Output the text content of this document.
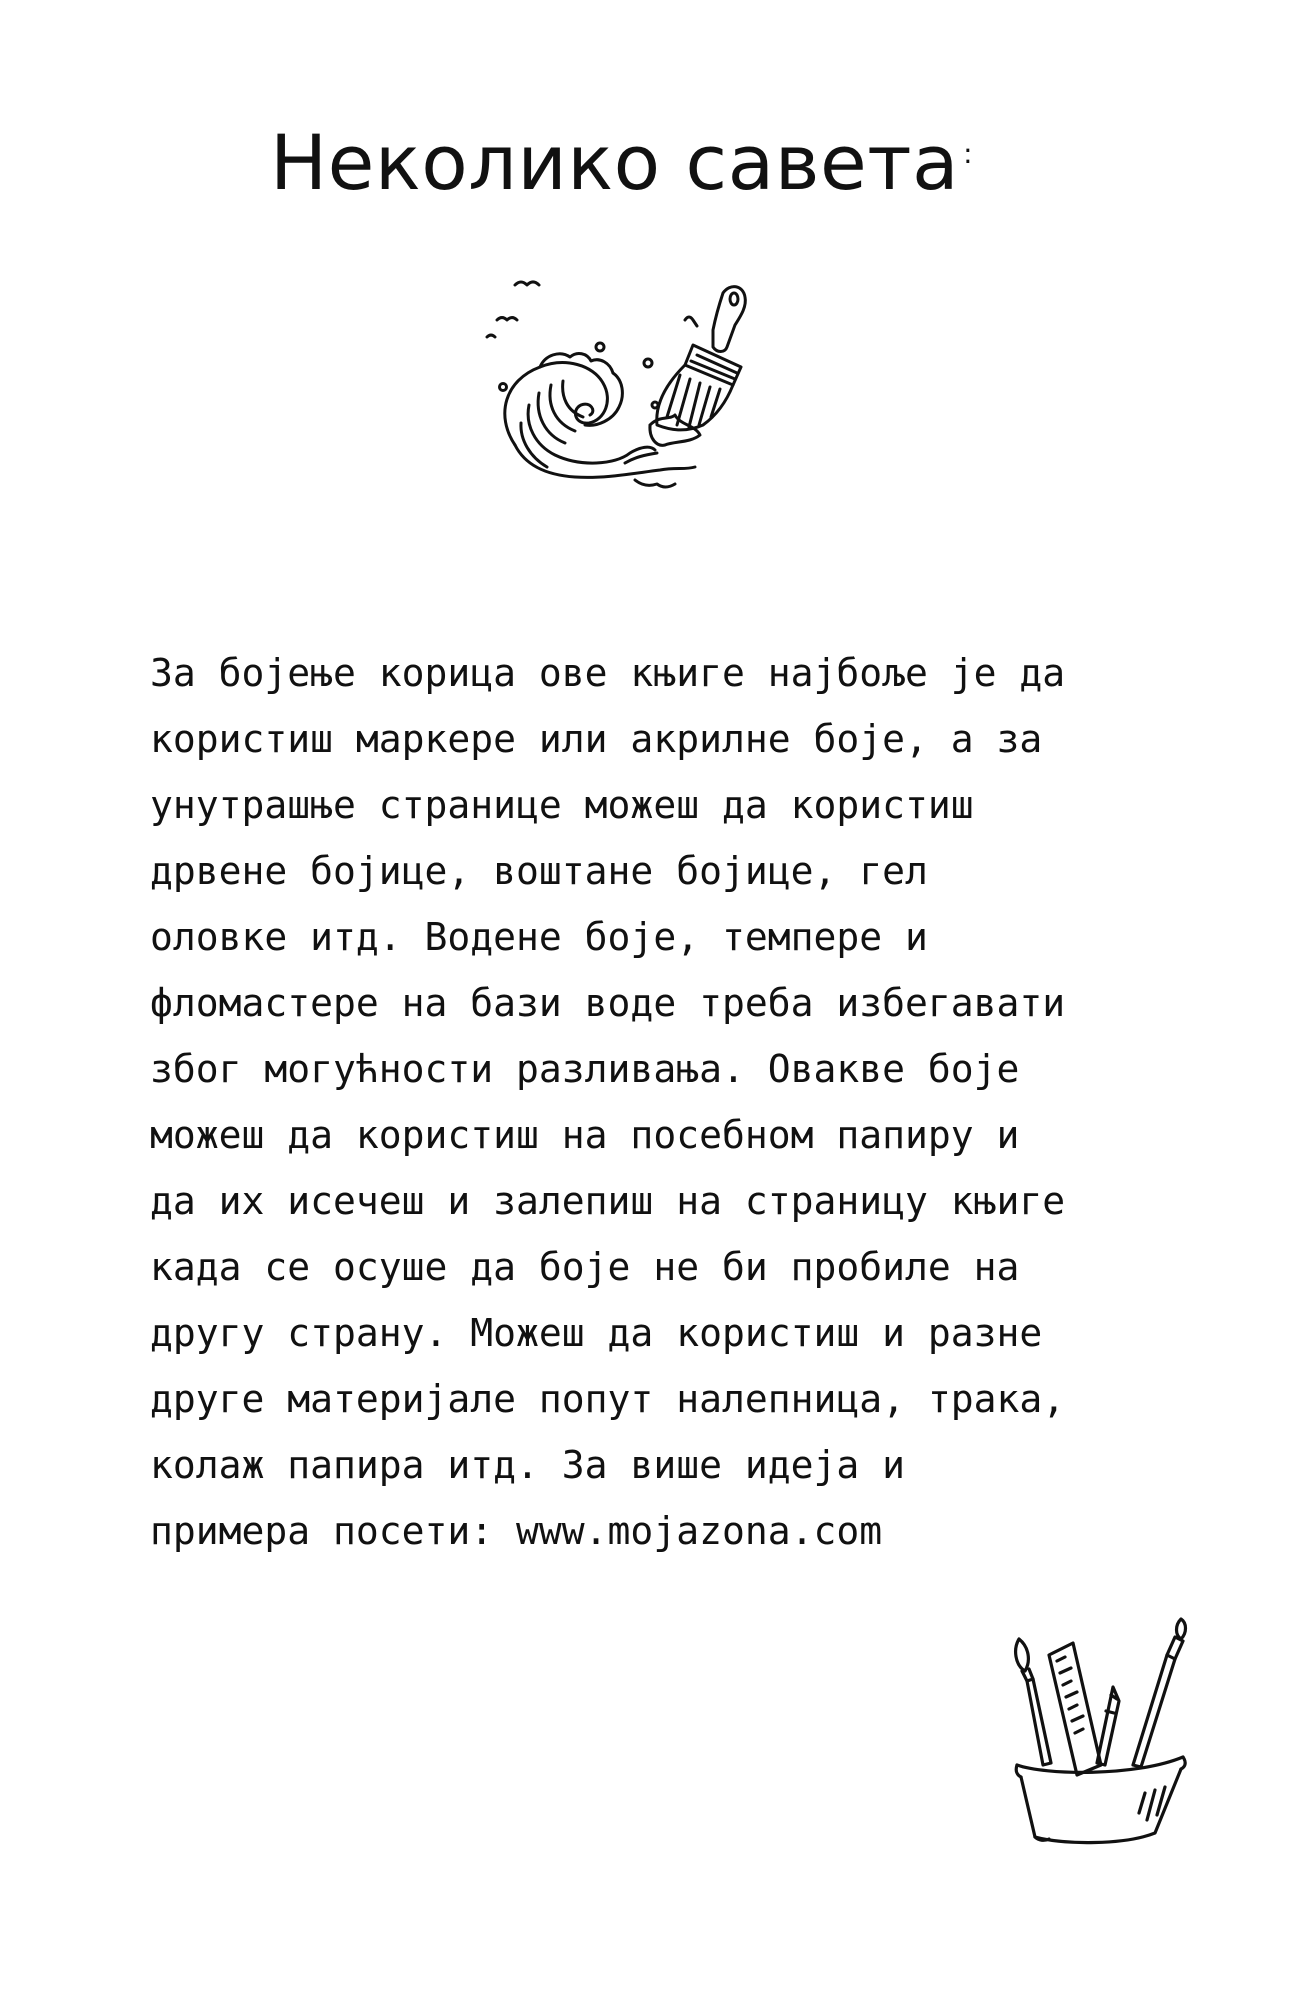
Неколико савета :
За бојење корица ове књиге најбоље је да
користиш маркере или акрилне боје, а за
унутрашње странице можеш да користиш
дрвене бојице, воштане бојице, гел
оловке итд. Водене боје, темпере и
фломастере на бази воде треба избегавати
због могућности разливања. Овакве боје
можеш да користиш на посебном папиру и
да их исечеш и залепиш на страницу књиге
када се осуше да боје не би пробиле на
другу страну. Можеш да користиш и разне
друге материјале попут налепница, трака,
колаж папира итд. За више идеја и
примера посети: www.mojazona.com
